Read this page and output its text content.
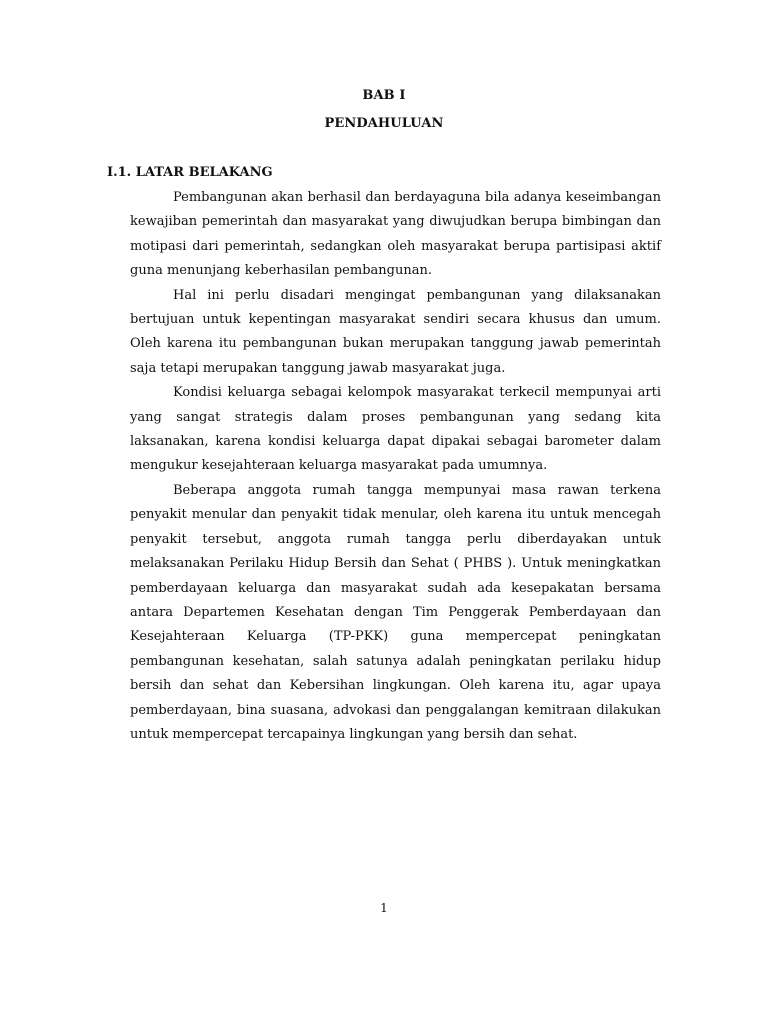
BAB I
PENDAHULUAN
I.1. LATAR BELAKANG

Pembangunan akan berhasil dan berdayaguna bila adanya keseimbangan kewajiban pemerintah dan masyarakat yang diwujudkan berupa bimbingan dan motipasi dari pemerintah, sedangkan oleh masyarakat berupa partisipasi aktif guna menunjang keberhasilan pembangunan.

Hal ini perlu disadari mengingat pembangunan yang dilaksanakan bertujuan untuk kepentingan masyarakat sendiri secara khusus dan umum. Oleh karena itu pembangunan bukan merupakan tanggung jawab pemerintah saja tetapi merupakan tanggung jawab masyarakat juga.

Kondisi keluarga sebagai kelompok masyarakat terkecil mempunyai arti yang sangat strategis dalam proses pembangunan yang sedang kita laksanakan, karena kondisi keluarga dapat dipakai sebagai barometer dalam mengukur kesejahteraan keluarga masyarakat pada umumnya.

Beberapa anggota rumah tangga mempunyai masa rawan terkena penyakit menular dan penyakit tidak menular, oleh karena itu untuk mencegah penyakit tersebut, anggota rumah tangga perlu diberdayakan untuk melaksanakan Perilaku Hidup Bersih dan Sehat ( PHBS ). Untuk meningkatkan pemberdayaan keluarga dan masyarakat sudah ada kesepakatan bersama antara Departemen Kesehatan dengan Tim Penggerak Pemberdayaan dan Kesejahteraan Keluarga (TP-PKK) guna mempercepat peningkatan pembangunan kesehatan, salah satunya adalah peningkatan perilaku hidup bersih dan sehat dan Kebersihan lingkungan. Oleh karena itu, agar upaya pemberdayaan, bina suasana, advokasi dan penggalangan kemitraan dilakukan untuk mempercepat tercapainya lingkungan yang bersih dan sehat.

1
